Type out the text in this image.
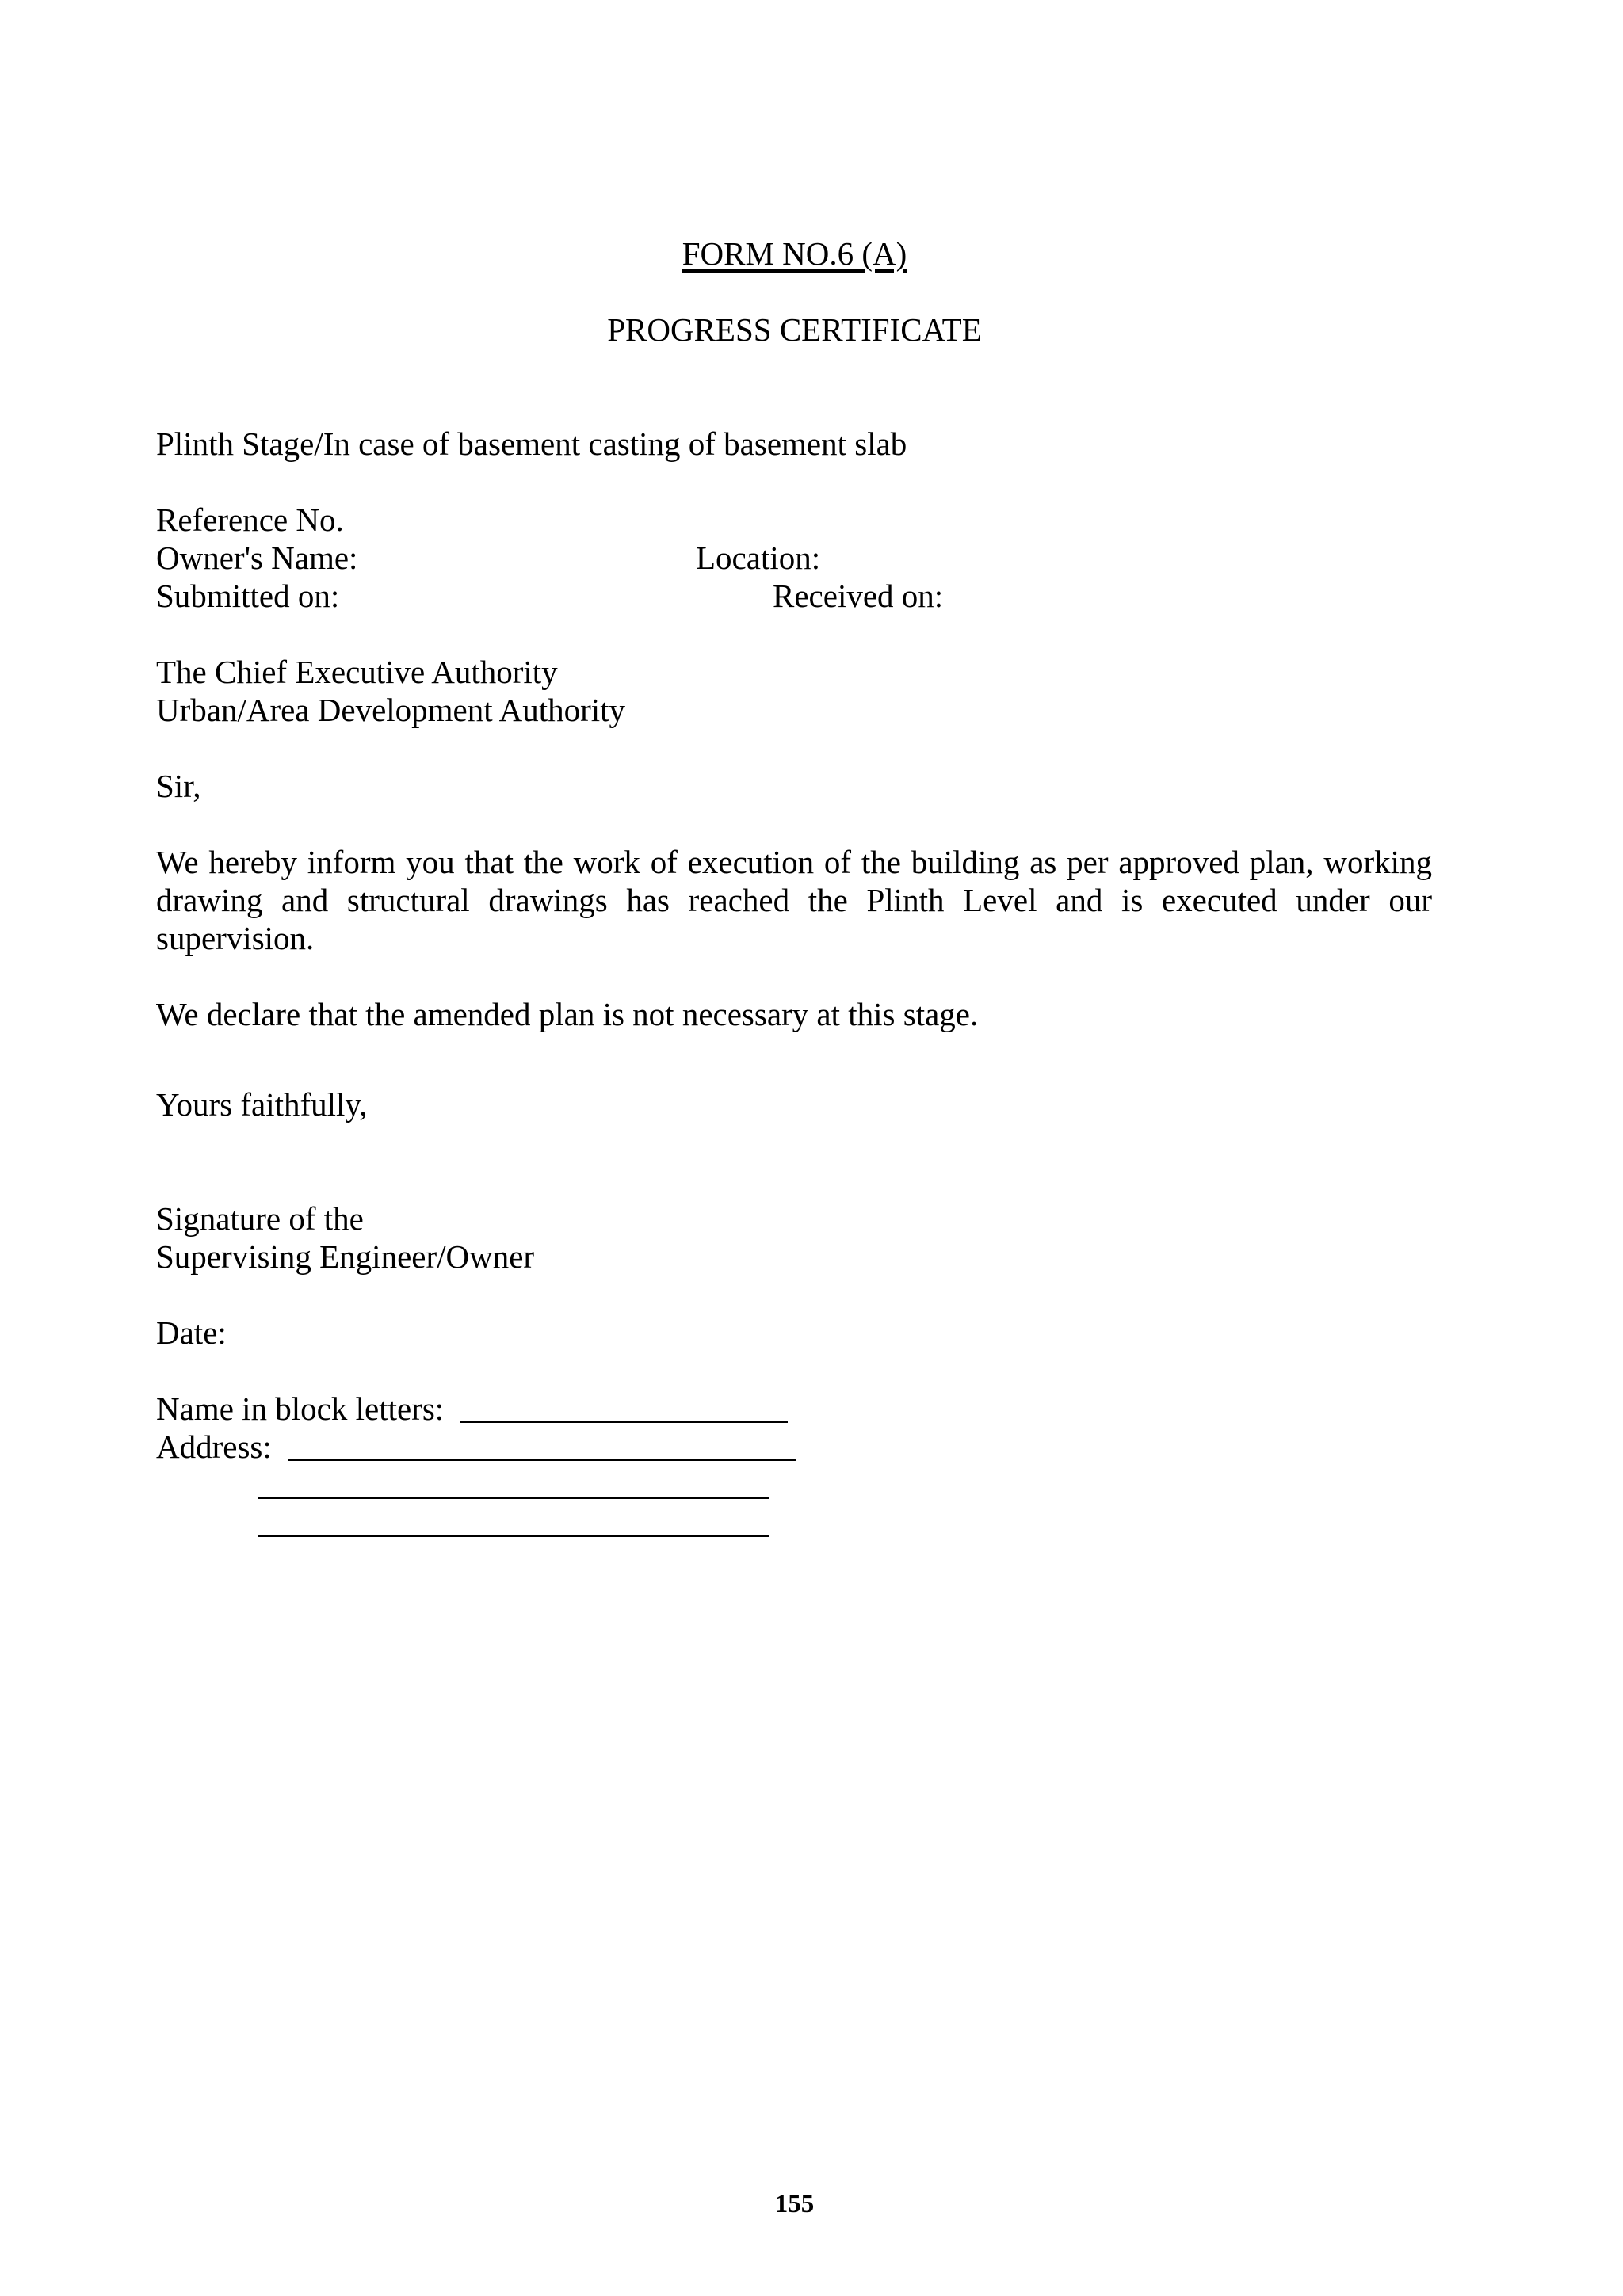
FORM NO.6 (A)
PROGRESS CERTIFICATE
Plinth Stage/In case of basement casting of basement slab
Reference No.
Owner's Name:	Location:
Submitted on:	Received on:
The Chief Executive Authority
Urban/Area Development Authority
Sir,
We hereby inform you that the work of execution of the building as per approved plan, working
drawing and structural drawings has reached the Plinth Level and is executed under our
supervision.
We declare that the amended plan is not necessary at this stage.
Yours faithfully,
Signature of the
Supervising Engineer/Owner
Date:
Name in block letters:
Address:
155
